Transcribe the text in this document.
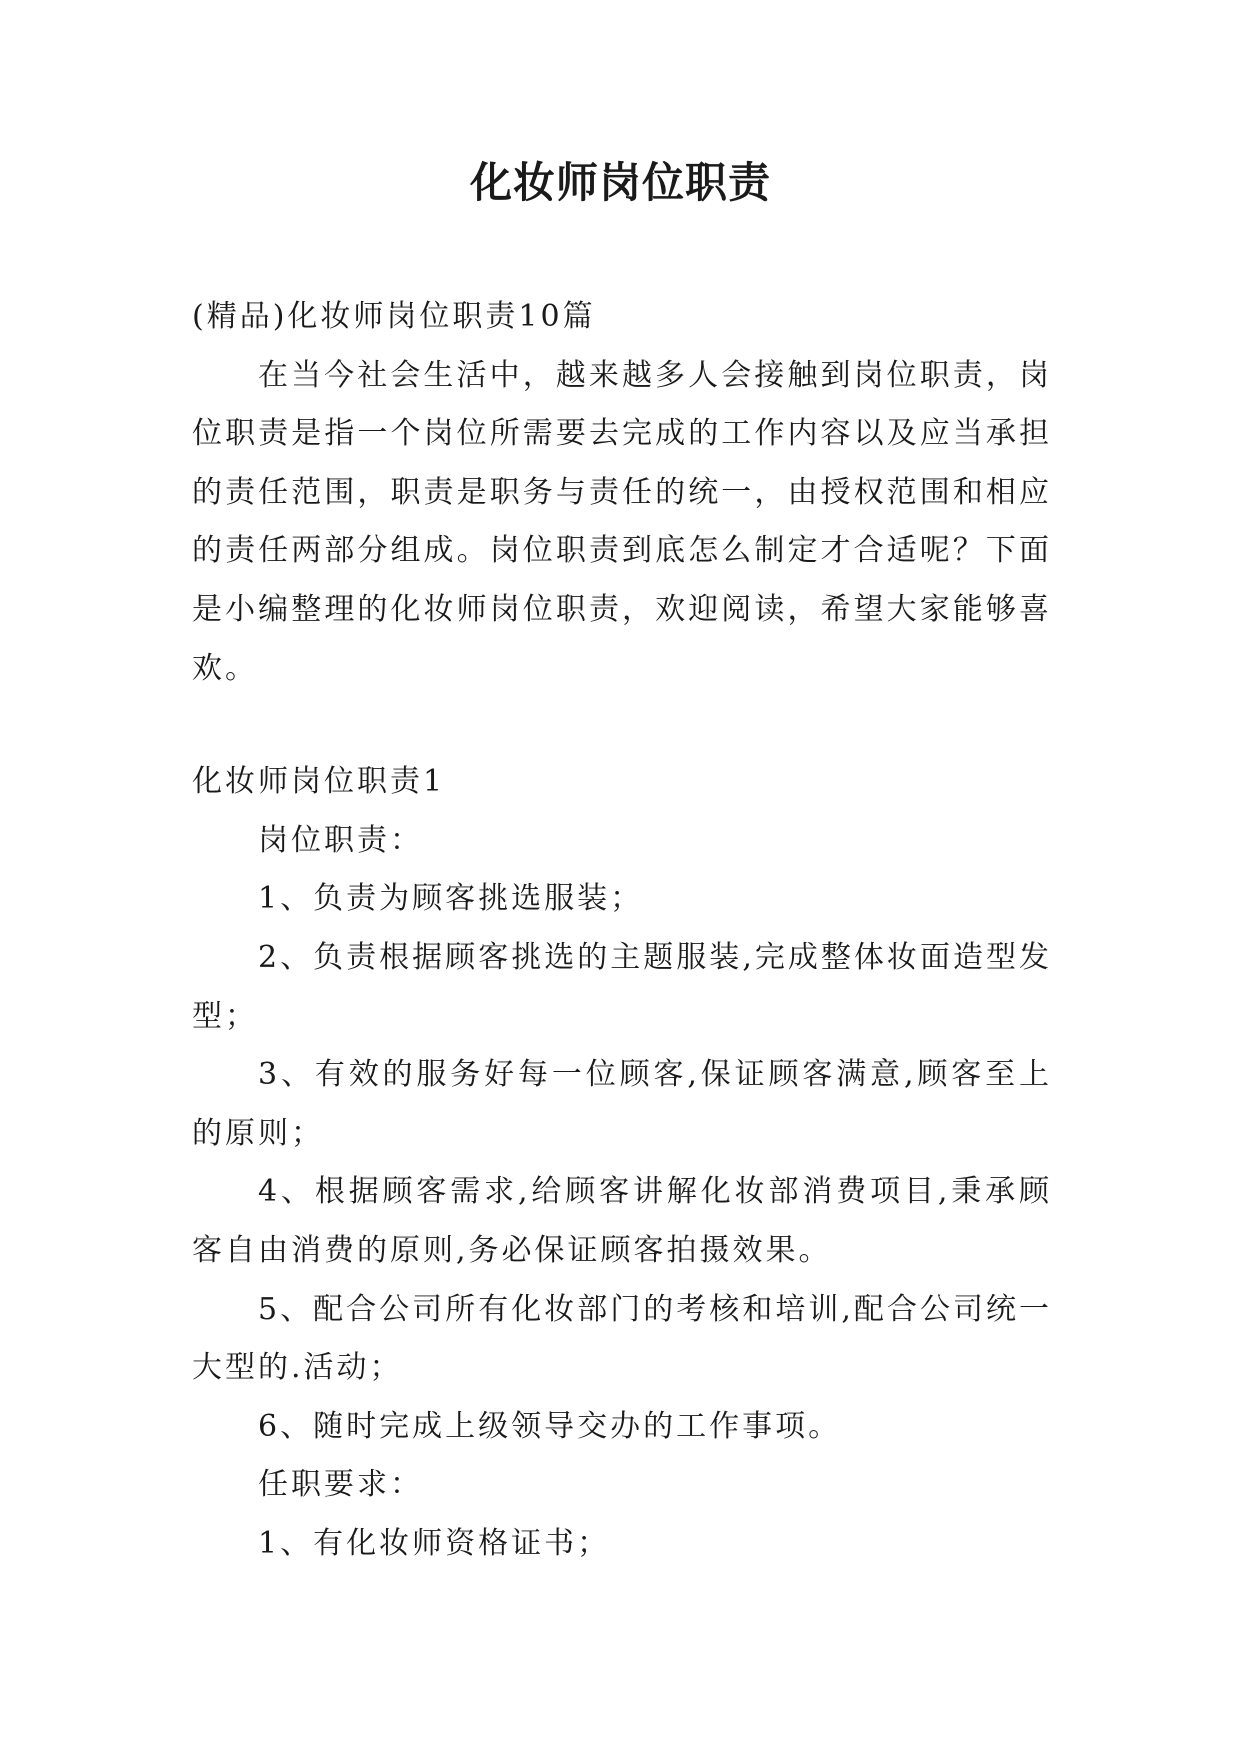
化妆师岗位职责

(精品)化妆师岗位职责10篇

在当今社会生活中，越来越多人会接触到岗位职责，岗位职责是指一个岗位所需要去完成的工作内容以及应当承担的责任范围，职责是职务与责任的统一，由授权范围和相应的责任两部分组成。岗位职责到底怎么制定才合适呢？下面是小编整理的化妆师岗位职责，欢迎阅读，希望大家能够喜欢。

化妆师岗位职责1

岗位职责：

1、负责为顾客挑选服装；

2、负责根据顾客挑选的主题服装,完成整体妆面造型发型；

3、有效的服务好每一位顾客,保证顾客满意,顾客至上的原则；

4、根据顾客需求,给顾客讲解化妆部消费项目,秉承顾客自由消费的原则,务必保证顾客拍摄效果。

5、配合公司所有化妆部门的考核和培训,配合公司统一大型的.活动；

6、随时完成上级领导交办的工作事项。

任职要求：

1、有化妆师资格证书；
